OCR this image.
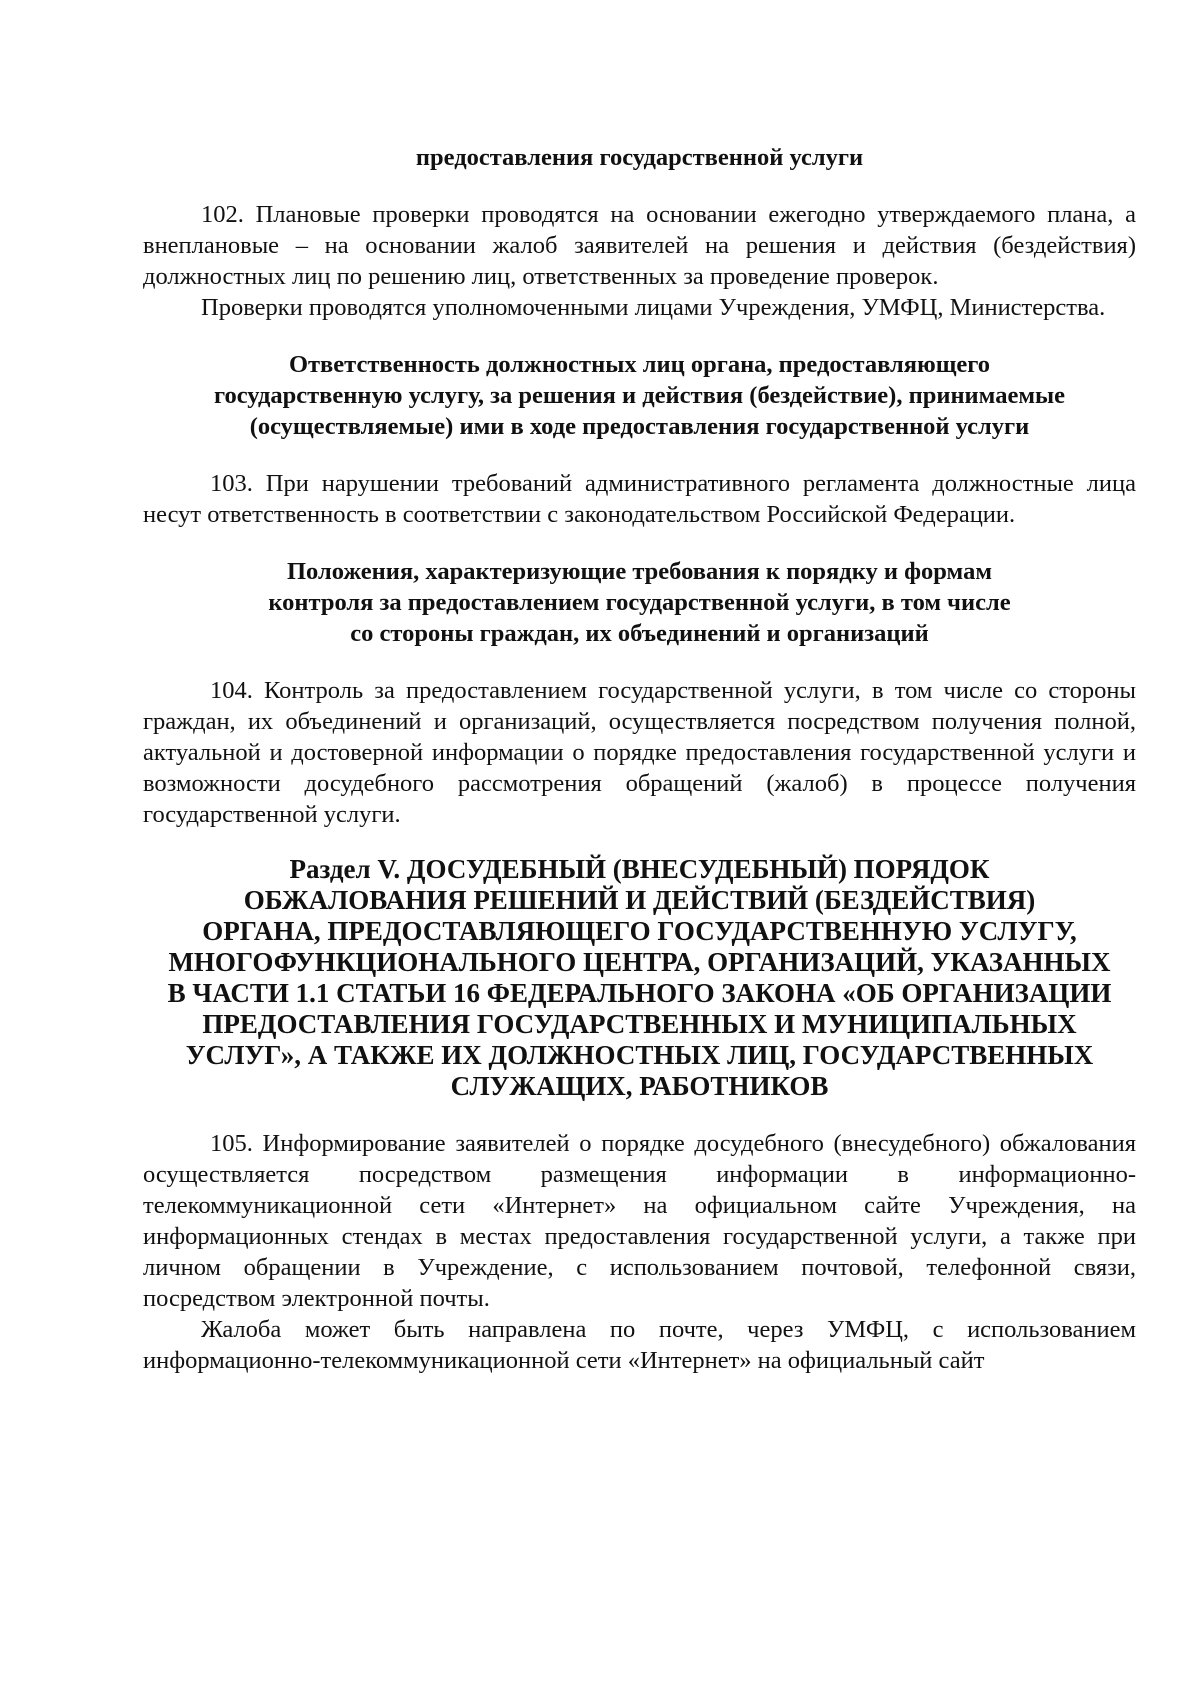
предоставления государственной услуги

102. Плановые проверки проводятся на основании ежегодно утверждаемого плана, а внеплановые – на основании жалоб заявителей на решения и действия (бездействия) должностных лиц по решению лиц, ответственных за проведение проверок.

Проверки проводятся уполномоченными лицами Учреждения, УМФЦ, Министерства.

Ответственность должностных лиц органа, предоставляющего
государственную услугу, за решения и действия (бездействие), принимаемые
(осуществляемые) ими в ходе предоставления государственной услуги

103. При нарушении требований административного регламента должностные лица несут ответственность в соответствии с законодательством Российской Федерации.

Положения, характеризующие требования к порядку и формам
контроля за предоставлением государственной услуги, в том числе
со стороны граждан, их объединений и организаций

104. Контроль за предоставлением государственной услуги, в том числе со стороны граждан, их объединений и организаций, осуществляется посредством получения полной, актуальной и достоверной информации о порядке предоставления государственной услуги и возможности досудебного рассмотрения обращений (жалоб) в процессе получения государственной услуги.

Раздел V. ДОСУДЕБНЫЙ (ВНЕСУДЕБНЫЙ) ПОРЯДОК
ОБЖАЛОВАНИЯ РЕШЕНИЙ И ДЕЙСТВИЙ (БЕЗДЕЙСТВИЯ)
ОРГАНА, ПРЕДОСТАВЛЯЮЩЕГО ГОСУДАРСТВЕННУЮ УСЛУГУ,
МНОГОФУНКЦИОНАЛЬНОГО ЦЕНТРА, ОРГАНИЗАЦИЙ, УКАЗАННЫХ
В ЧАСТИ 1.1 СТАТЬИ 16 ФЕДЕРАЛЬНОГО ЗАКОНА «ОБ ОРГАНИЗАЦИИ
ПРЕДОСТАВЛЕНИЯ ГОСУДАРСТВЕННЫХ И МУНИЦИПАЛЬНЫХ
УСЛУГ», А ТАКЖЕ ИХ ДОЛЖНОСТНЫХ ЛИЦ, ГОСУДАРСТВЕННЫХ
СЛУЖАЩИХ, РАБОТНИКОВ

105. Информирование заявителей о порядке досудебного (внесудебного) обжалования осуществляется посредством размещения информации в информационно-телекоммуникационной сети «Интернет» на официальном сайте Учреждения, на информационных стендах в местах предоставления государственной услуги, а также при личном обращении в Учреждение, с использованием почтовой, телефонной связи, посредством электронной почты.

Жалоба может быть направлена по почте, через УМФЦ, с использованием информационно-телекоммуникационной сети «Интернет» на официальный сайт
